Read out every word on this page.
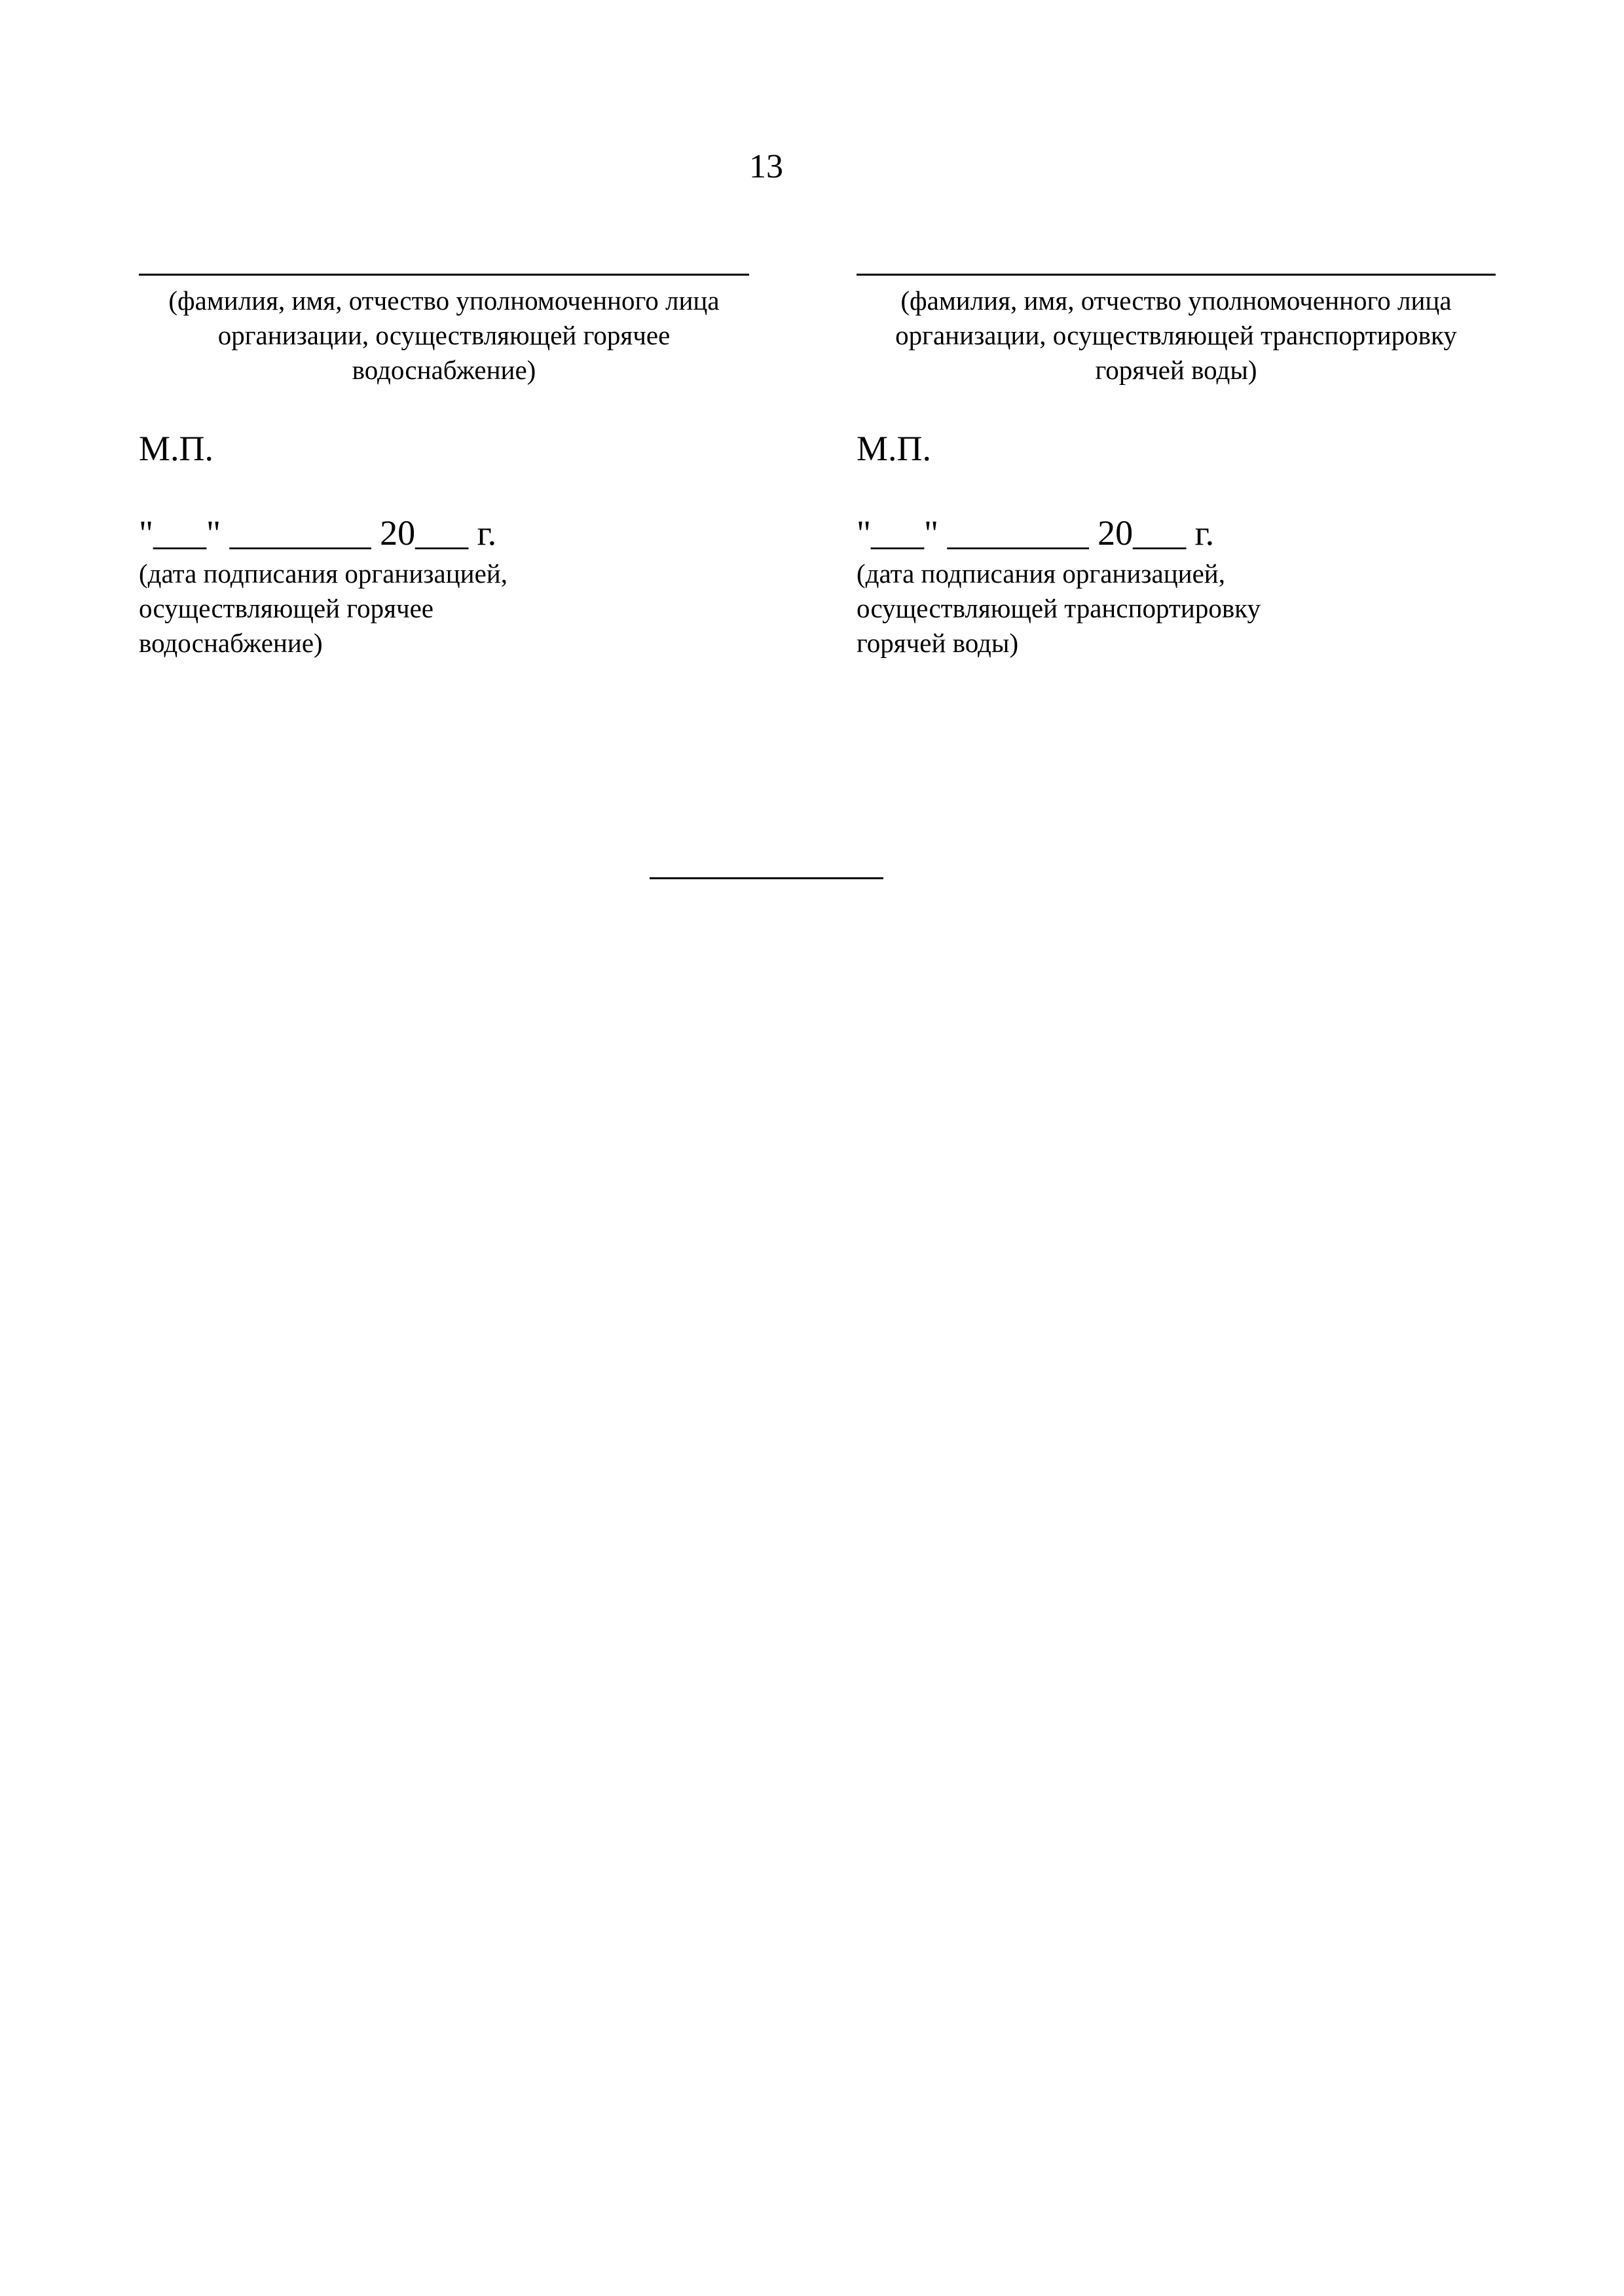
13
(фамилия, имя, отчество уполномоченного лица организации, осуществляющей горячее водоснабжение)
М.П.
"___" ________ 20___ г.
(дата подписания организацией, осуществляющей горячее водоснабжение)
(фамилия, имя, отчество уполномоченного лица организации, осуществляющей транспортировку горячей воды)
М.П.
"___" ________ 20___ г.
(дата подписания организацией, осуществляющей транспортировку горячей воды)
